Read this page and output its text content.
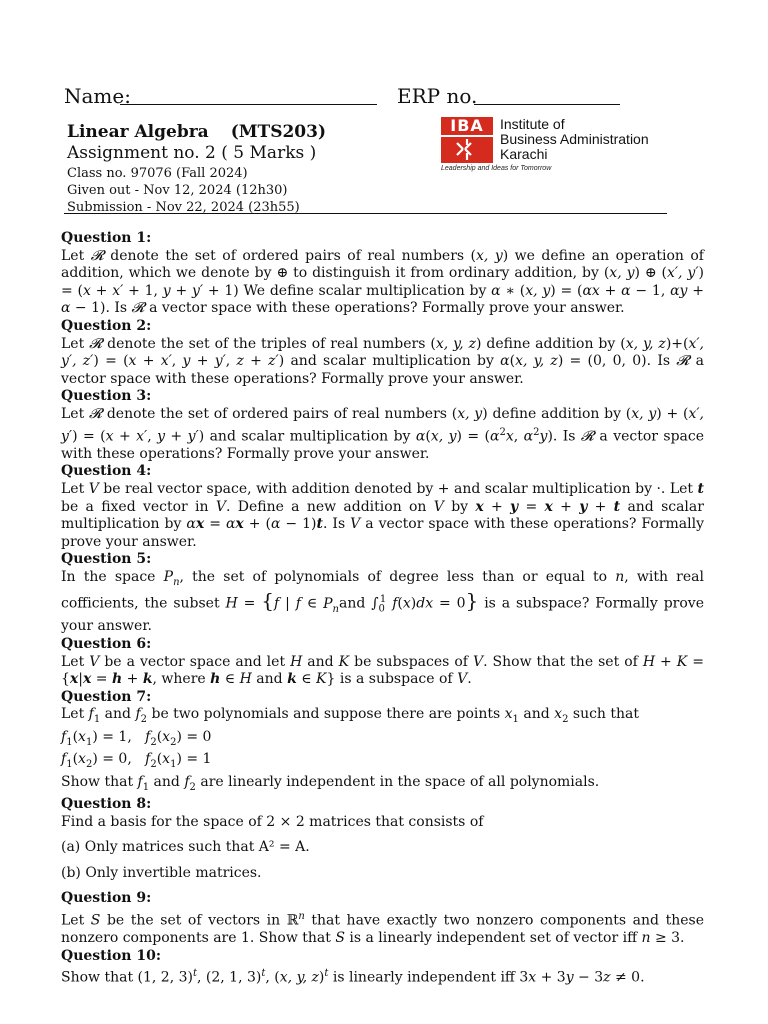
Name:	ERP no.
Linear Algebra (MTS203)
Assignment no. 2 ( 5 Marks )
Class no. 97076 (Fall 2024)
Given out - Nov 12, 2024 (12h30)
Submission - Nov 22, 2024 (23h55)
IBA	Institute of
Business Administration
Karachi
Leadership and Ideas for Tomorrow
Question 1:
Let 𝓡 denote the set of ordered pairs of real numbers (x, y) we define an operation of addition, which we denote by ⊕ to distinguish it from ordinary addition, by (x, y) ⊕ (x′, y′) = (x + x′ + 1, y + y′ + 1) We define scalar multiplication by α ∗ (x, y) = (αx + α − 1, αy + α − 1). Is 𝓡 a vector space with these operations? Formally prove your answer.
Question 2:
Let 𝓡 denote the set of the triples of real numbers (x, y, z) define addition by (x, y, z)+(x′, y′, z′) = (x + x′, y + y′, z + z′) and scalar multiplication by α(x, y, z) = (0, 0, 0). Is 𝓡 a vector space with these operations? Formally prove your answer.
Question 3:
Let 𝓡 denote the set of ordered pairs of real numbers (x, y) define addition by (x, y) + (x′, y′) = (x + x′, y + y′) and scalar multiplication by α(x, $y) = (\alpha^2x$, $\alpha^2y$). Is 𝓡 a vector space with these operations? Formally prove your answer.
Question 4:
Let V be real vector space, with addition denoted by + and scalar multiplication by ·. Let t be a fixed vector in V. Define a new addition on V by x + y = x + y + t and scalar multiplication by αx = αx + (α − 1)t. Is V a vector space with these operations? Formally prove your answer.
Question 5:
In the space $P_n$, the set of polynomials of degree less than or equal to n, with real cofficients, the subset H = {f | f ∈ $P_nand$ $\int_0^1$ f(x)dx = 0} is a subspace? Formally prove your answer.
Question 6:
Let V be a vector space and let H and K be subspaces of V. Show that the set of H + K = {x|x = h + k, where h ∈ H and k ∈ K} is a subspace of V.
Question 7:
Let $f_1$ and $f_2$ be two polynomials and suppose there are points $x_1$ and $x_2$ such that
$f_1(x_1) = 1$,   $f_2(x_2) = 0$
$f_1(x_2) = 0$,   $f_2(x_1) = 1$
Show that $f_1$ and $f_2$ are linearly independent in the space of all polynomials.
Question 8:
Find a basis for the space of 2 × 2 matrices that consists of
(a) Only matrices such that A² = A.
(b) Only invertible matrices.
Question 9:
Let S be the set of vectors in ℝ$^n$ that have exactly two nonzero components and these nonzero components are 1. Show that S is a linearly independent set of vector iff n ≥ 3.
Question 10:
Show that (1, 2, 3)$^t$, (2, 1, 3)$^t$, (x, y, z)$^t$ is linearly independent iff 3x + 3y − 3z ≠ 0.
